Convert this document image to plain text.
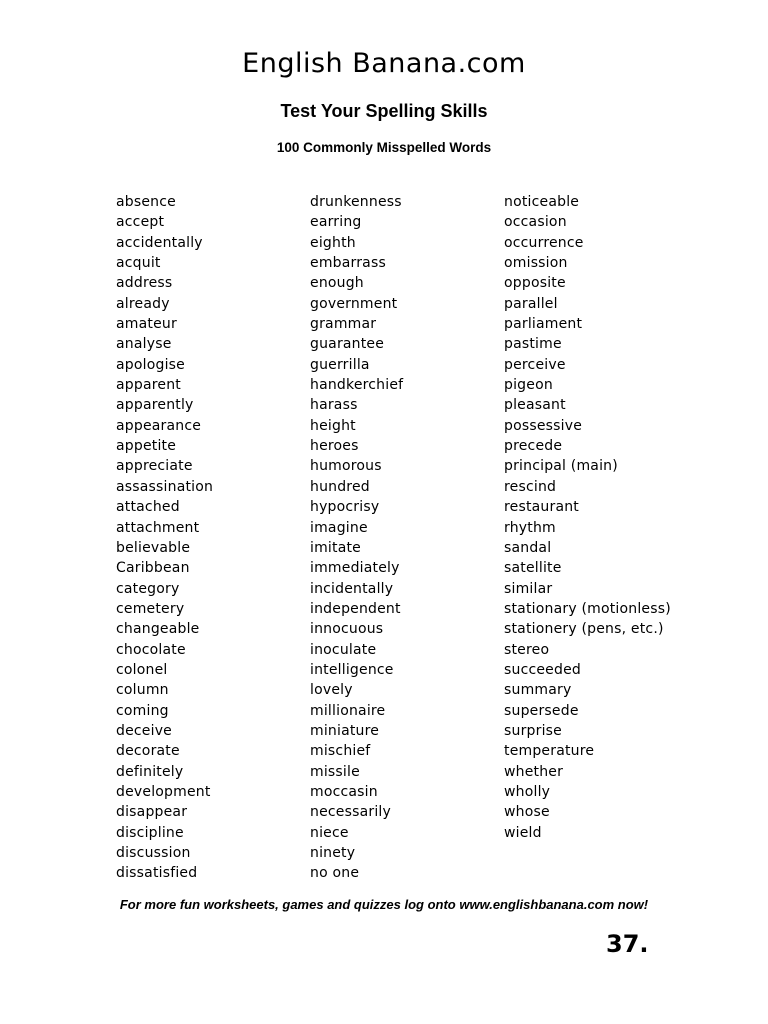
English Banana.com
Test Your Spelling Skills
100 Commonly Misspelled Words
absence
accept
accidentally
acquit
address
already
amateur
analyse
apologise
apparent
apparently
appearance
appetite
appreciate
assassination
attached
attachment
believable
Caribbean
category
cemetery
changeable
chocolate
colonel
column
coming
deceive
decorate
definitely
development
disappear
discipline
discussion
dissatisfied
drunkenness
earring
eighth
embarrass
enough
government
grammar
guarantee
guerrilla
handkerchief
harass
height
heroes
humorous
hundred
hypocrisy
imagine
imitate
immediately
incidentally
independent
innocuous
inoculate
intelligence
lovely
millionaire
miniature
mischief
missile
moccasin
necessarily
niece
ninety
no one
noticeable
occasion
occurrence
omission
opposite
parallel
parliament
pastime
perceive
pigeon
pleasant
possessive
precede
principal (main)
rescind
restaurant
rhythm
sandal
satellite
similar
stationary (motionless)
stationery (pens, etc.)
stereo
succeeded
summary
supersede
surprise
temperature
whether
wholly
whose
wield
For more fun worksheets, games and quizzes log onto www.englishbanana.com now!
37.
